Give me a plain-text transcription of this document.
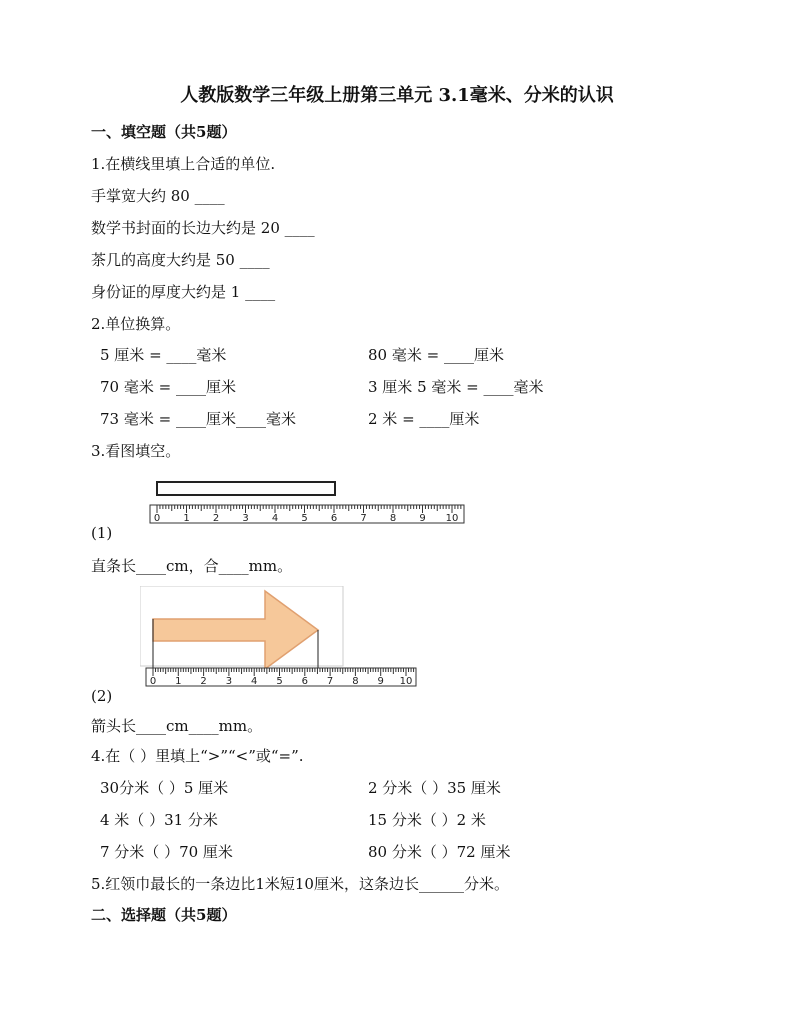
人教版数学三年级上册第三单元 3.1毫米、分米的认识
一、填空题（共5题）
1.在横线里填上合适的单位.
手掌宽大约 80 ____
数学书封面的长边大约是 20 ____
茶几的高度大约是 50 ____
身份证的厚度大约是 1 ____
2.单位换算。
5 厘米 = ____毫米
70 毫米 = ____厘米
73 毫米 = ____厘米____毫米
80 毫米 = ____厘米
3 厘米 5 毫米 = ____毫米
2 米 = ____厘米
3.看图填空。
0 1 2 3 4 5 6 7 8 9 10
(1)
直条长____cm，合____mm。
0 1 2 3 4 5 6 7 8 9 10
(2)
箭头长____cm____mm。
4.在（ ）里填上“>”“<”或“=”.
30分米（ ）5 厘米
4 米（ ）31 分米
7 分米（ ）70 厘米
2 分米（ ）35 厘米
15 分米（ ）2 米
80 分米（ ）72 厘米
5.红领巾最长的一条边比1米短10厘米，这条边长______分米。
二、选择题（共5题）
